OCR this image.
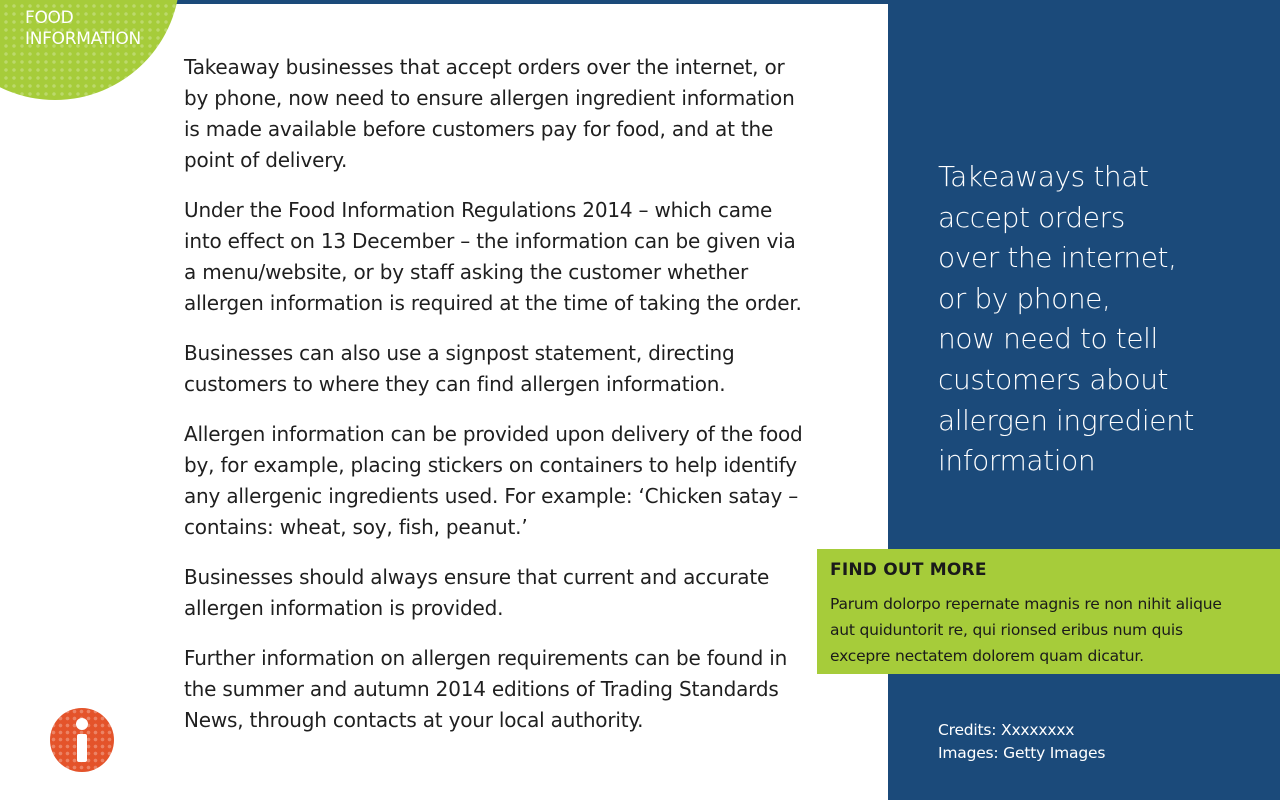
FOOD
INFORMATION

Takeaway businesses that accept orders over the internet, or by phone, now need to ensure allergen ingredient information is made available before customers pay for food, and at the point of delivery.

Under the Food Information Regulations 2014 – which came into effect on 13 December – the information can be given via a menu/website, or by staff asking the customer whether allergen information is required at the time of taking the order.

Businesses can also use a signpost statement, directing customers to where they can find allergen information.

Allergen information can be provided upon delivery of the food by, for example, placing stickers on containers to help identify any allergenic ingredients used. For example: ‘Chicken satay – contains: wheat, soy, fish, peanut.’

Businesses should always ensure that current and accurate allergen information is provided.

Further information on allergen requirements can be found in the summer and autumn 2014 editions of Trading Standards News, through contacts at your local authority.

Takeaways that
accept orders
over the internet,
or by phone,
now need to tell
customers about
allergen ingredient
information
FIND OUT MORE
Parum dolorpo repernate magnis re non nihit alique
aut quiduntorit re, qui rionsed eribus num quis
excepre nectatem dolorem quam dicatur.
Credits: Xxxxxxxx
Images: Getty Images
